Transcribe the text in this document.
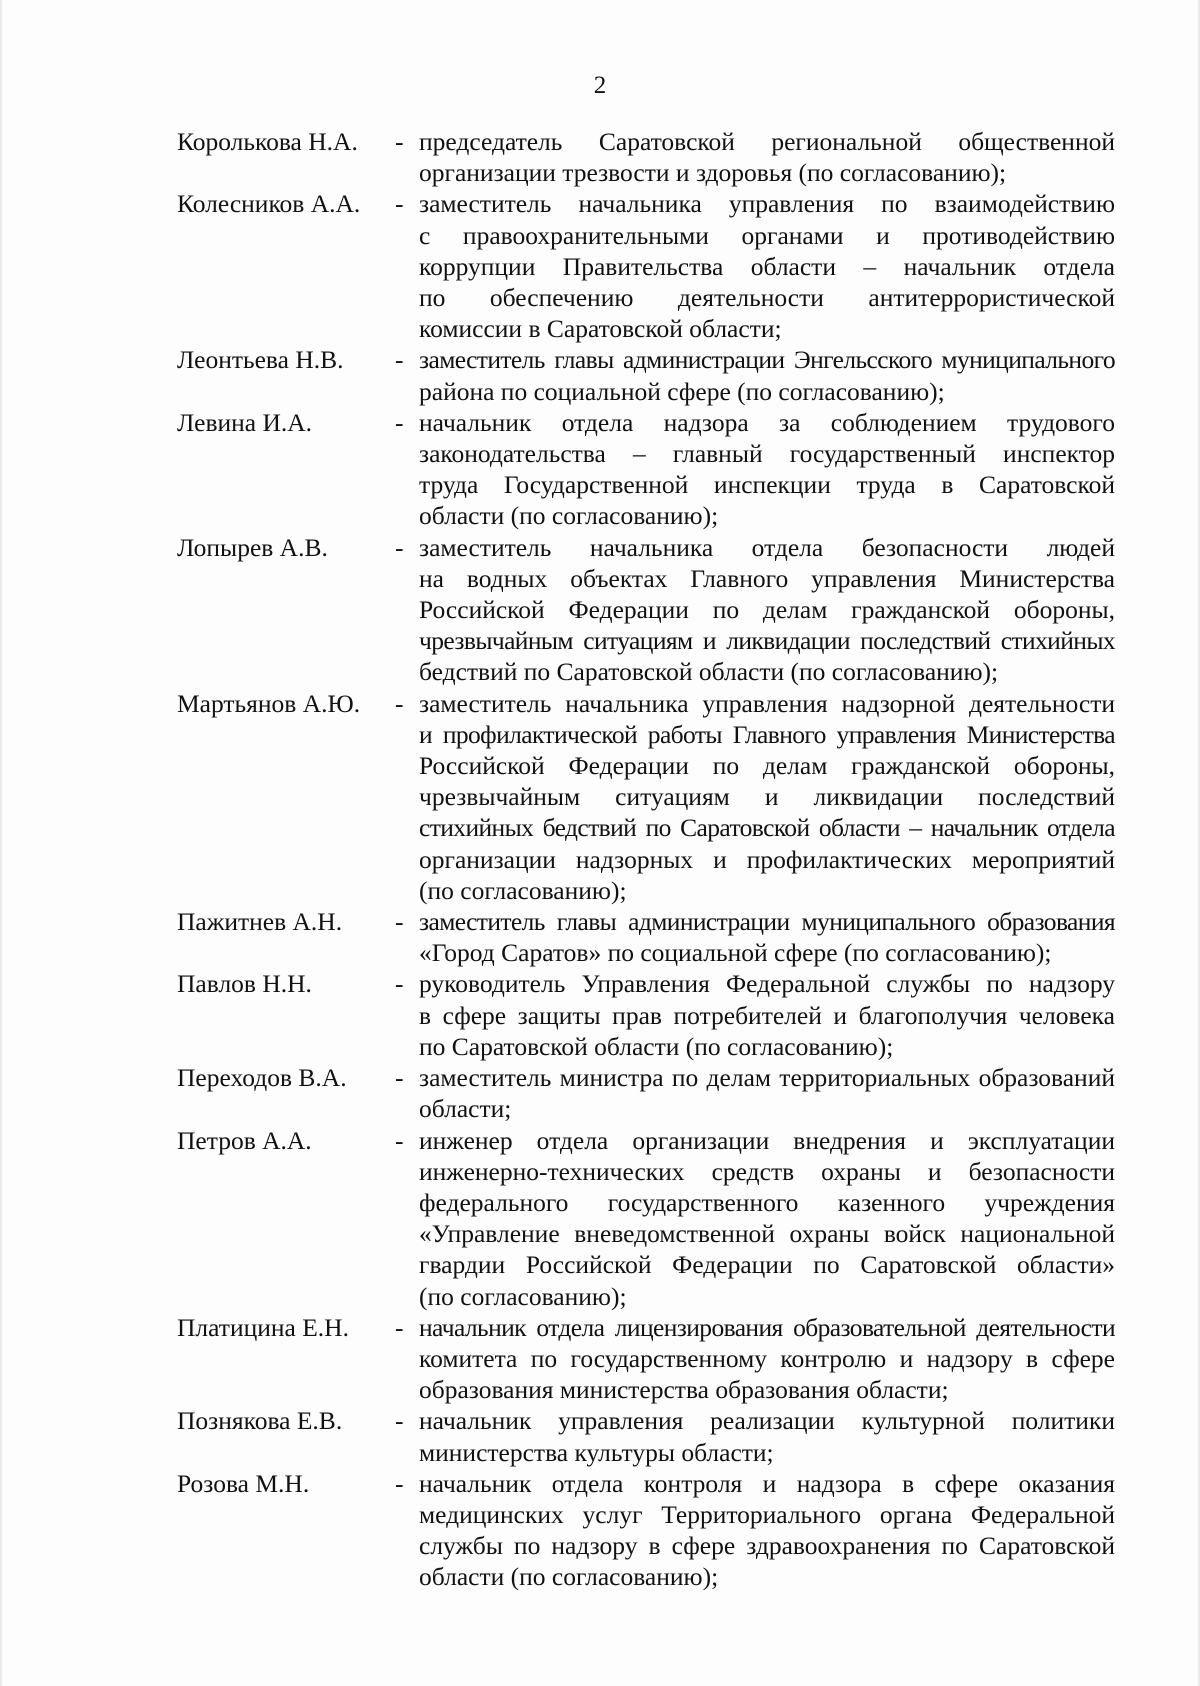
2
Королькова Н.А.	- председатель Саратовской региональной общественной
организации трезвости и здоровья (по согласованию);
Колесников А.А.	- заместитель начальника управления по взаимодействию
с правоохранительными органами и противодействию
коррупции Правительства области – начальник отдела
по обеспечению деятельности антитеррористической
комиссии в Саратовской области;
Леонтьева Н.В.	- заместитель главы администрации Энгельсского муниципального
района по социальной сфере (по согласованию);
Левина И.А.	- начальник отдела надзора за соблюдением трудового
законодательства – главный государственный инспектор
труда Государственной инспекции труда в Саратовской
области (по согласованию);
Лопырев А.В.	- заместитель начальника отдела безопасности людей
на водных объектах Главного управления Министерства
Российской Федерации по делам гражданской обороны,
чрезвычайным ситуациям и ликвидации последствий стихийных
бедствий по Саратовской области (по согласованию);
Мартьянов А.Ю.	- заместитель начальника управления надзорной деятельности
и профилактической работы Главного управления Министерства
Российской Федерации по делам гражданской обороны,
чрезвычайным ситуациям и ликвидации последствий
стихийных бедствий по Саратовской области – начальник отдела
организации надзорных и профилактических мероприятий
(по согласованию);
Пажитнев А.Н.	- заместитель главы администрации муниципального образования
«Город Саратов» по социальной сфере (по согласованию);
Павлов Н.Н.	- руководитель Управления Федеральной службы по надзору
в сфере защиты прав потребителей и благополучия человека
по Саратовской области (по согласованию);
Переходов В.А.	- заместитель министра по делам территориальных образований
области;
Петров А.А.	- инженер отдела организации внедрения и эксплуатации
инженерно-технических средств охраны и безопасности
федерального государственного казенного учреждения
«Управление вневедомственной охраны войск национальной
гвардии Российской Федерации по Саратовской области»
(по согласованию);
Платицина Е.Н.	- начальник отдела лицензирования образовательной деятельности
комитета по государственному контролю и надзору в сфере
образования министерства образования области;
Познякова Е.В.	- начальник управления реализации культурной политики
министерства культуры области;
Розова М.Н.	- начальник отдела контроля и надзора в сфере оказания
медицинских услуг Территориального органа Федеральной
службы по надзору в сфере здравоохранения по Саратовской
области (по согласованию);
